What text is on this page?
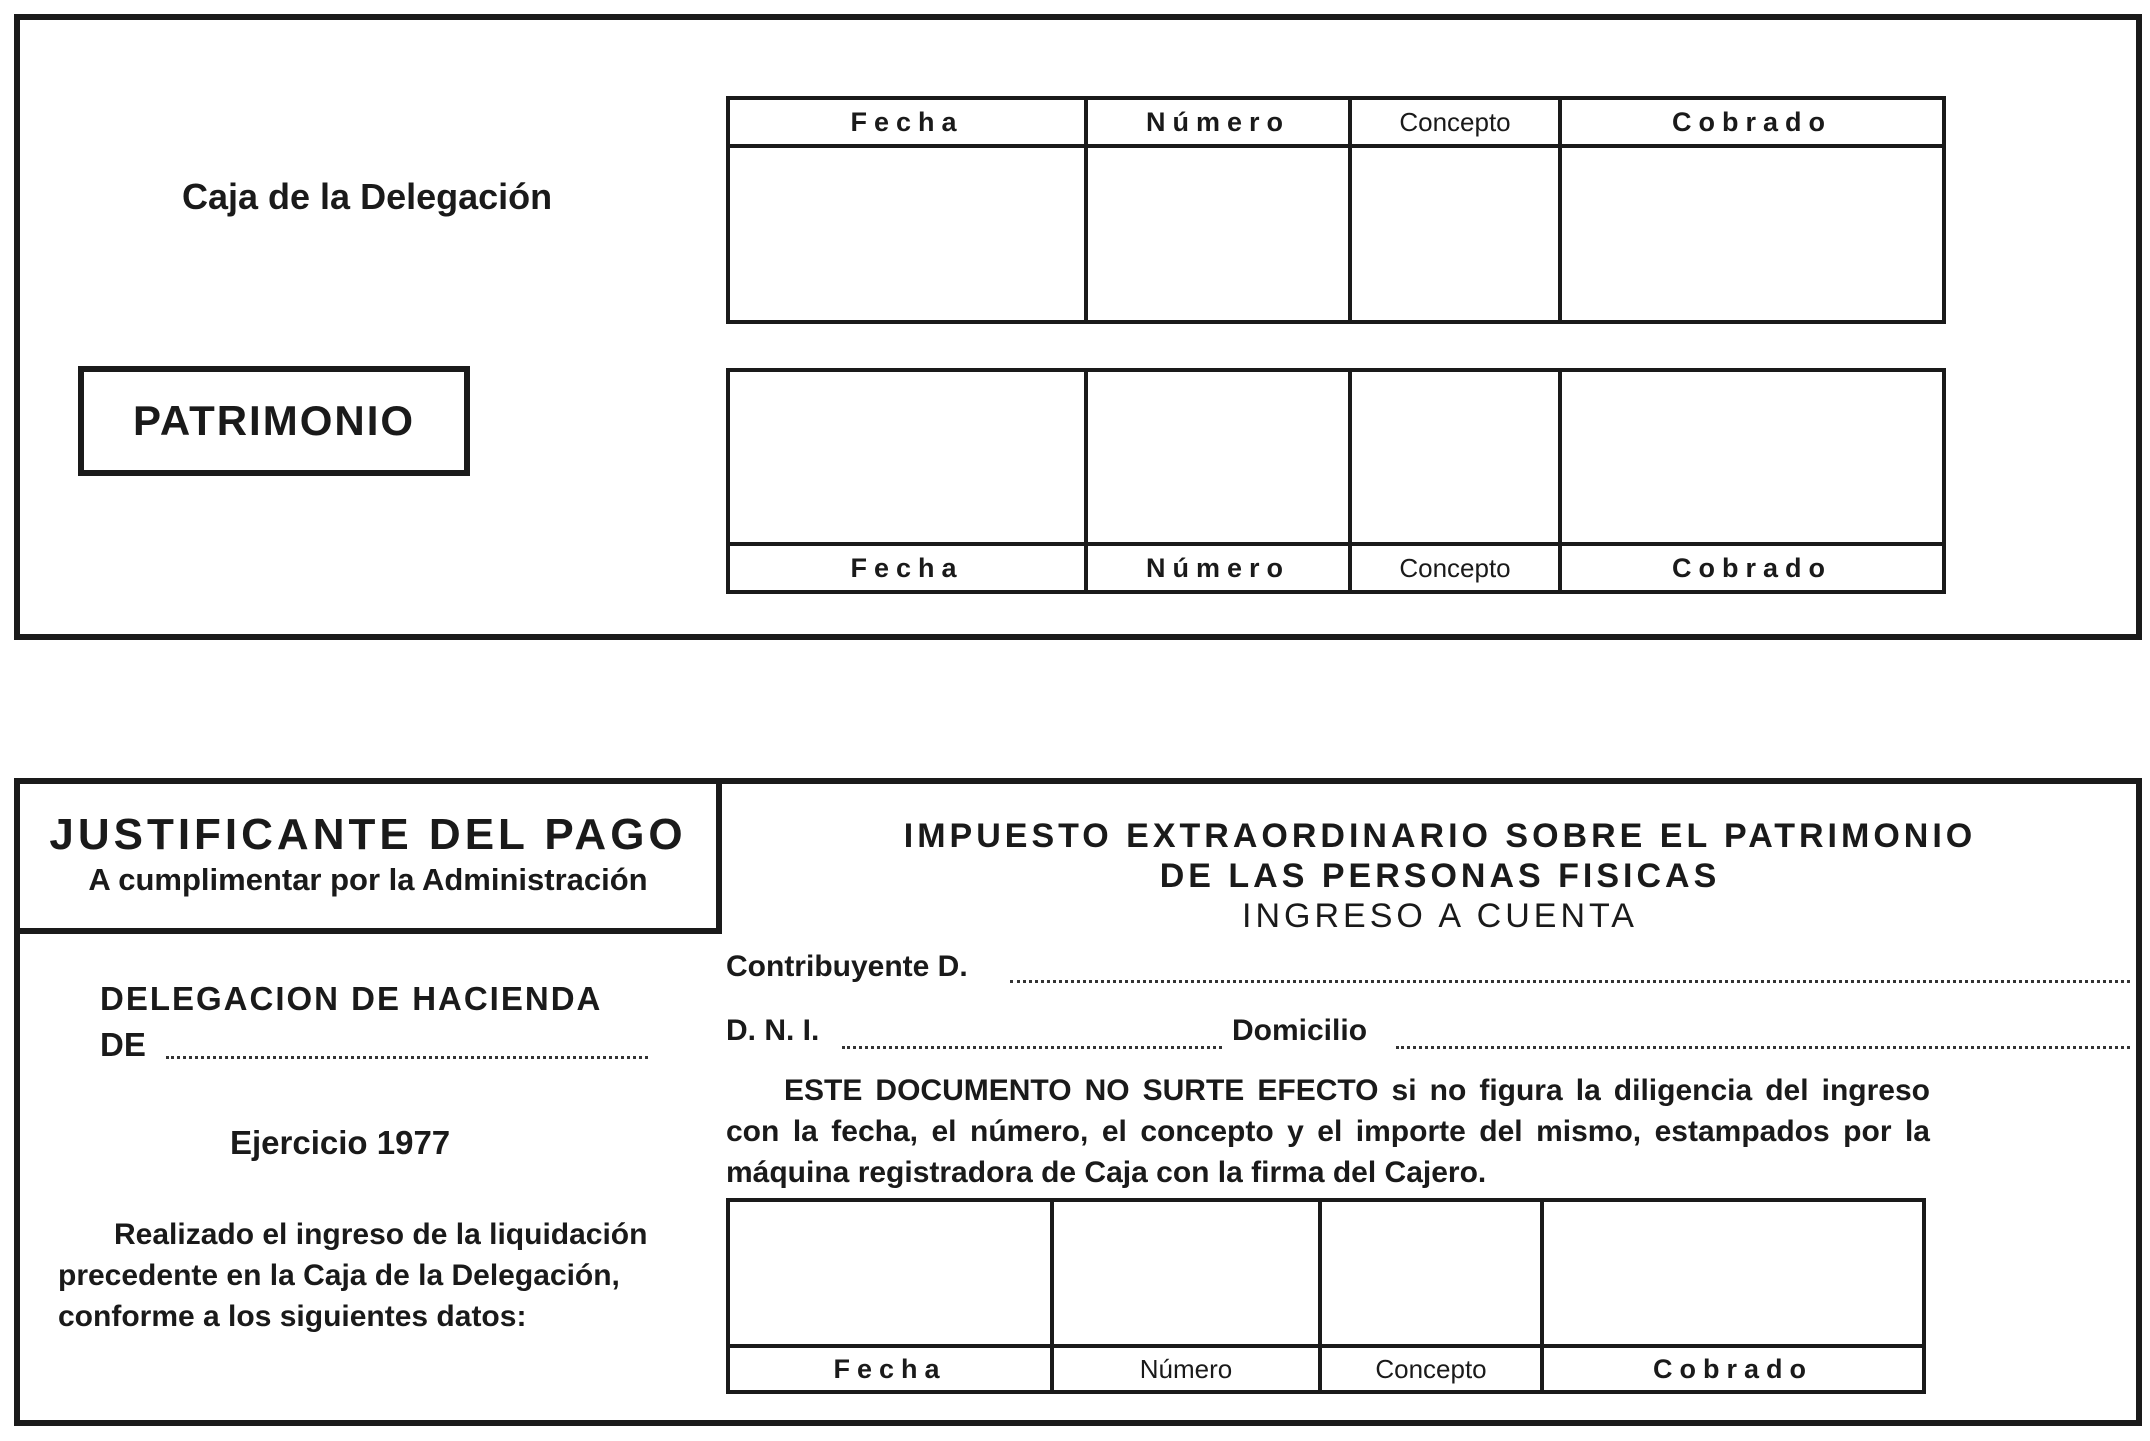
Caja de la Delegación
PATRIMONIO
Fecha	Número	Concepto	Cobrado

Fecha	Número	Concepto	Cobrado
JUSTIFICANTE DEL PAGO
A cumplimentar por la Administración
IMPUESTO EXTRAORDINARIO SOBRE EL PATRIMONIO
DE LAS PERSONAS FISICAS
INGRESO A CUENTA
Contribuyente D.
D. N. I.	Domicilio
ESTE DOCUMENTO NO SURTE EFECTO si no figura la diligencia del ingreso con la fecha, el número, el concepto y el importe del mismo, estampados por la máquina registradora de Caja con la firma del Cajero.
DELEGACION DE HACIENDA
DE
Ejercicio 1977
Realizado el ingreso de la liquidación precedente en la Caja de la Delegación, conforme a los siguientes datos:

Fecha	Número	Concepto	Cobrado
